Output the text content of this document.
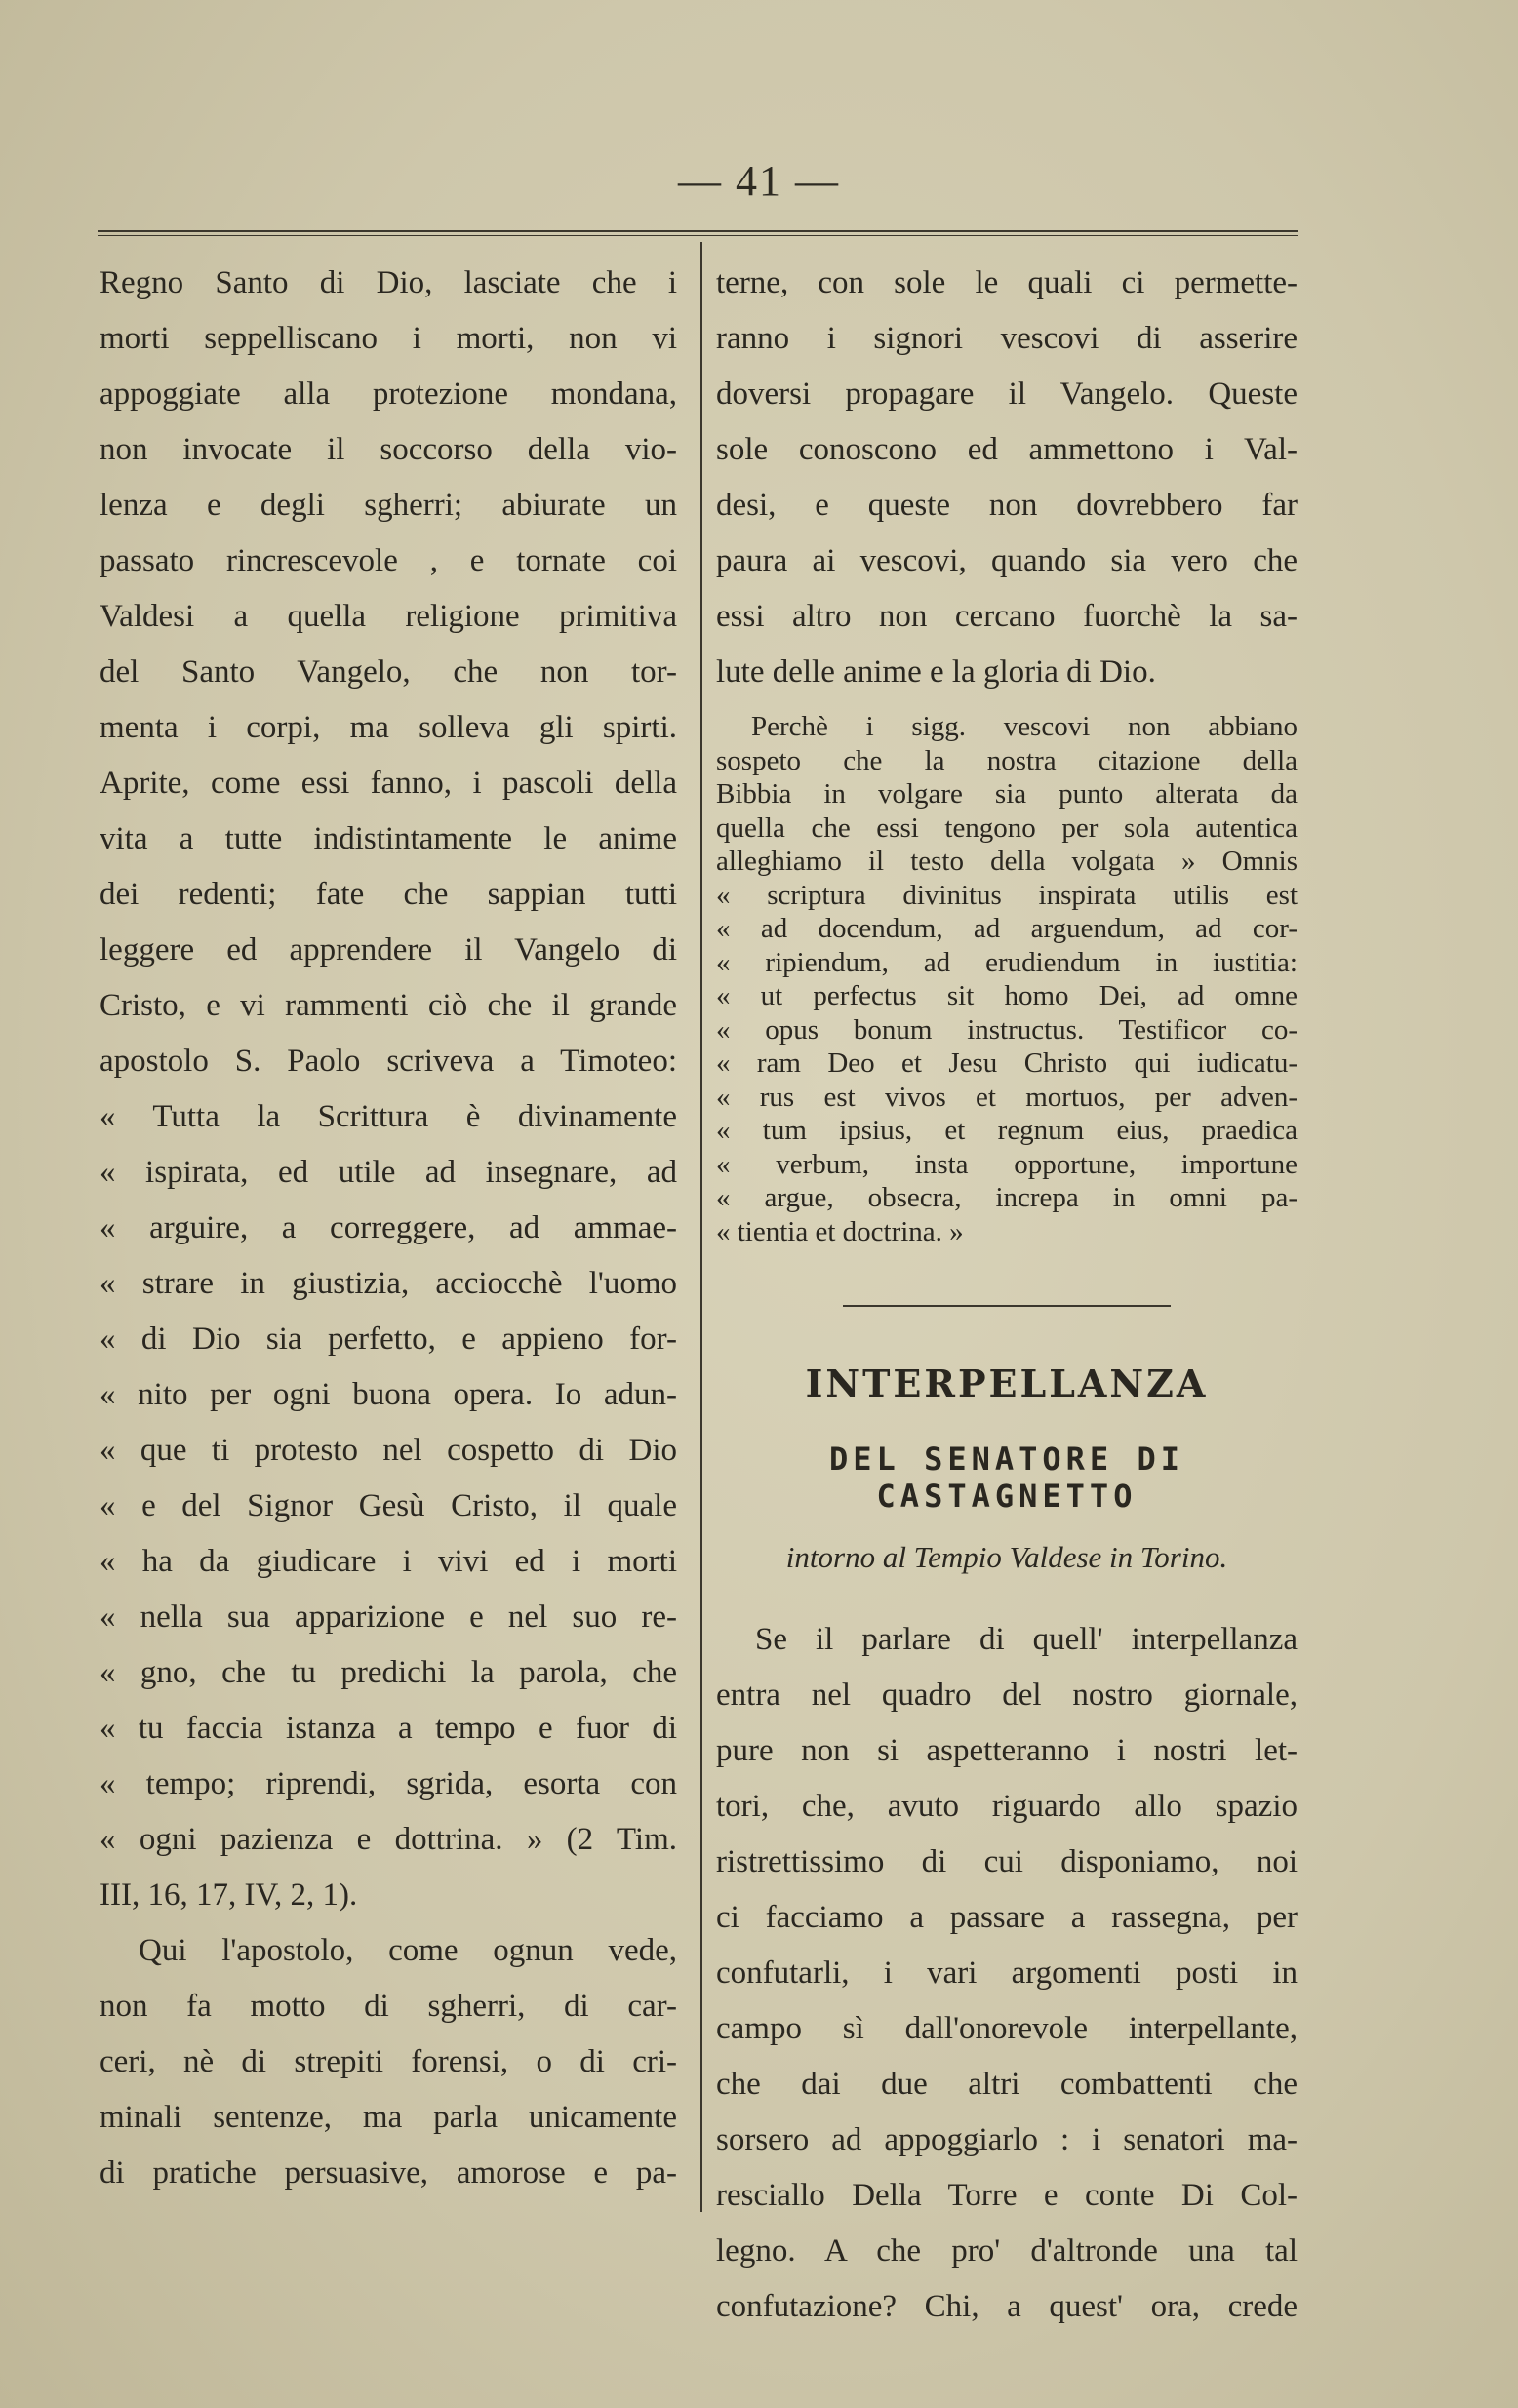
— 41 —
Regno Santo di Dio, lasciate che i
morti seppelliscano i morti, non vi
appoggiate alla protezione mondana,
non invocate il soccorso della vio-
lenza e degli sgherri; abiurate un
passato rincrescevole , e tornate coi
Valdesi a quella religione primitiva
del Santo Vangelo, che non tor-
menta i corpi, ma solleva gli spirti.
Aprite, come essi fanno, i pascoli della
vita a tutte indistintamente le anime
dei redenti; fate che sappian tutti
leggere ed apprendere il Vangelo di
Cristo, e vi rammenti ciò che il grande
apostolo S. Paolo scriveva a Timoteo:
« Tutta la Scrittura è divinamente
« ispirata, ed utile ad insegnare, ad
« arguire, a correggere, ad ammae-
« strare in giustizia, acciocchè l'uomo
« di Dio sia perfetto, e appieno for-
« nito per ogni buona opera. Io adun-
« que ti protesto nel cospetto di Dio
« e del Signor Gesù Cristo, il quale
« ha da giudicare i vivi ed i morti
« nella sua apparizione e nel suo re-
« gno, che tu predichi la parola, che
« tu faccia istanza a tempo e fuor di
« tempo; riprendi, sgrida, esorta con
« ogni pazienza e dottrina. » (2 Tim.
III, 16, 17, IV, 2, 1).
Qui l'apostolo, come ognun vede,
non fa motto di sgherri, di car-
ceri, nè di strepiti forensi, o di cri-
minali sentenze, ma parla unicamente
di pratiche persuasive, amorose e pa-
terne, con sole le quali ci permette-
ranno i signori vescovi di asserire
doversi propagare il Vangelo. Queste
sole conoscono ed ammettono i Val-
desi, e queste non dovrebbero far
paura ai vescovi, quando sia vero che
essi altro non cercano fuorchè la sa-
lute delle anime e la gloria di Dio.
Perchè i sigg. vescovi non abbiano
sospeto che la nostra citazione della
Bibbia in volgare sia punto alterata da
quella che essi tengono per sola autentica
alleghiamo il testo della volgata » Omnis
« scriptura divinitus inspirata utilis est
« ad docendum, ad arguendum, ad cor-
« ripiendum, ad erudiendum in iustitia:
« ut perfectus sit homo Dei, ad omne
« opus bonum instructus. Testificor co-
« ram Deo et Jesu Christo qui iudicatu-
« rus est vivos et mortuos, per adven-
« tum ipsius, et regnum eius, praedica
« verbum, insta opportune, importune
« argue, obsecra, increpa in omni pa-
« tientia et doctrina. »
INTERPELLANZA
DEL SENATORE DI CASTAGNETTO
intorno al Tempio Valdese in Torino.
Se il parlare di quell' interpellanza
entra nel quadro del nostro giornale,
pure non si aspetteranno i nostri let-
tori, che, avuto riguardo allo spazio
ristrettissimo di cui disponiamo, noi
ci facciamo a passare a rassegna, per
confutarli, i vari argomenti posti in
campo sì dall'onorevole interpellante,
che dai due altri combattenti che
sorsero ad appoggiarlo : i senatori ma-
resciallo Della Torre e conte Di Col-
legno. A che pro' d'altronde una tal
confutazione? Chi, a quest' ora, crede
